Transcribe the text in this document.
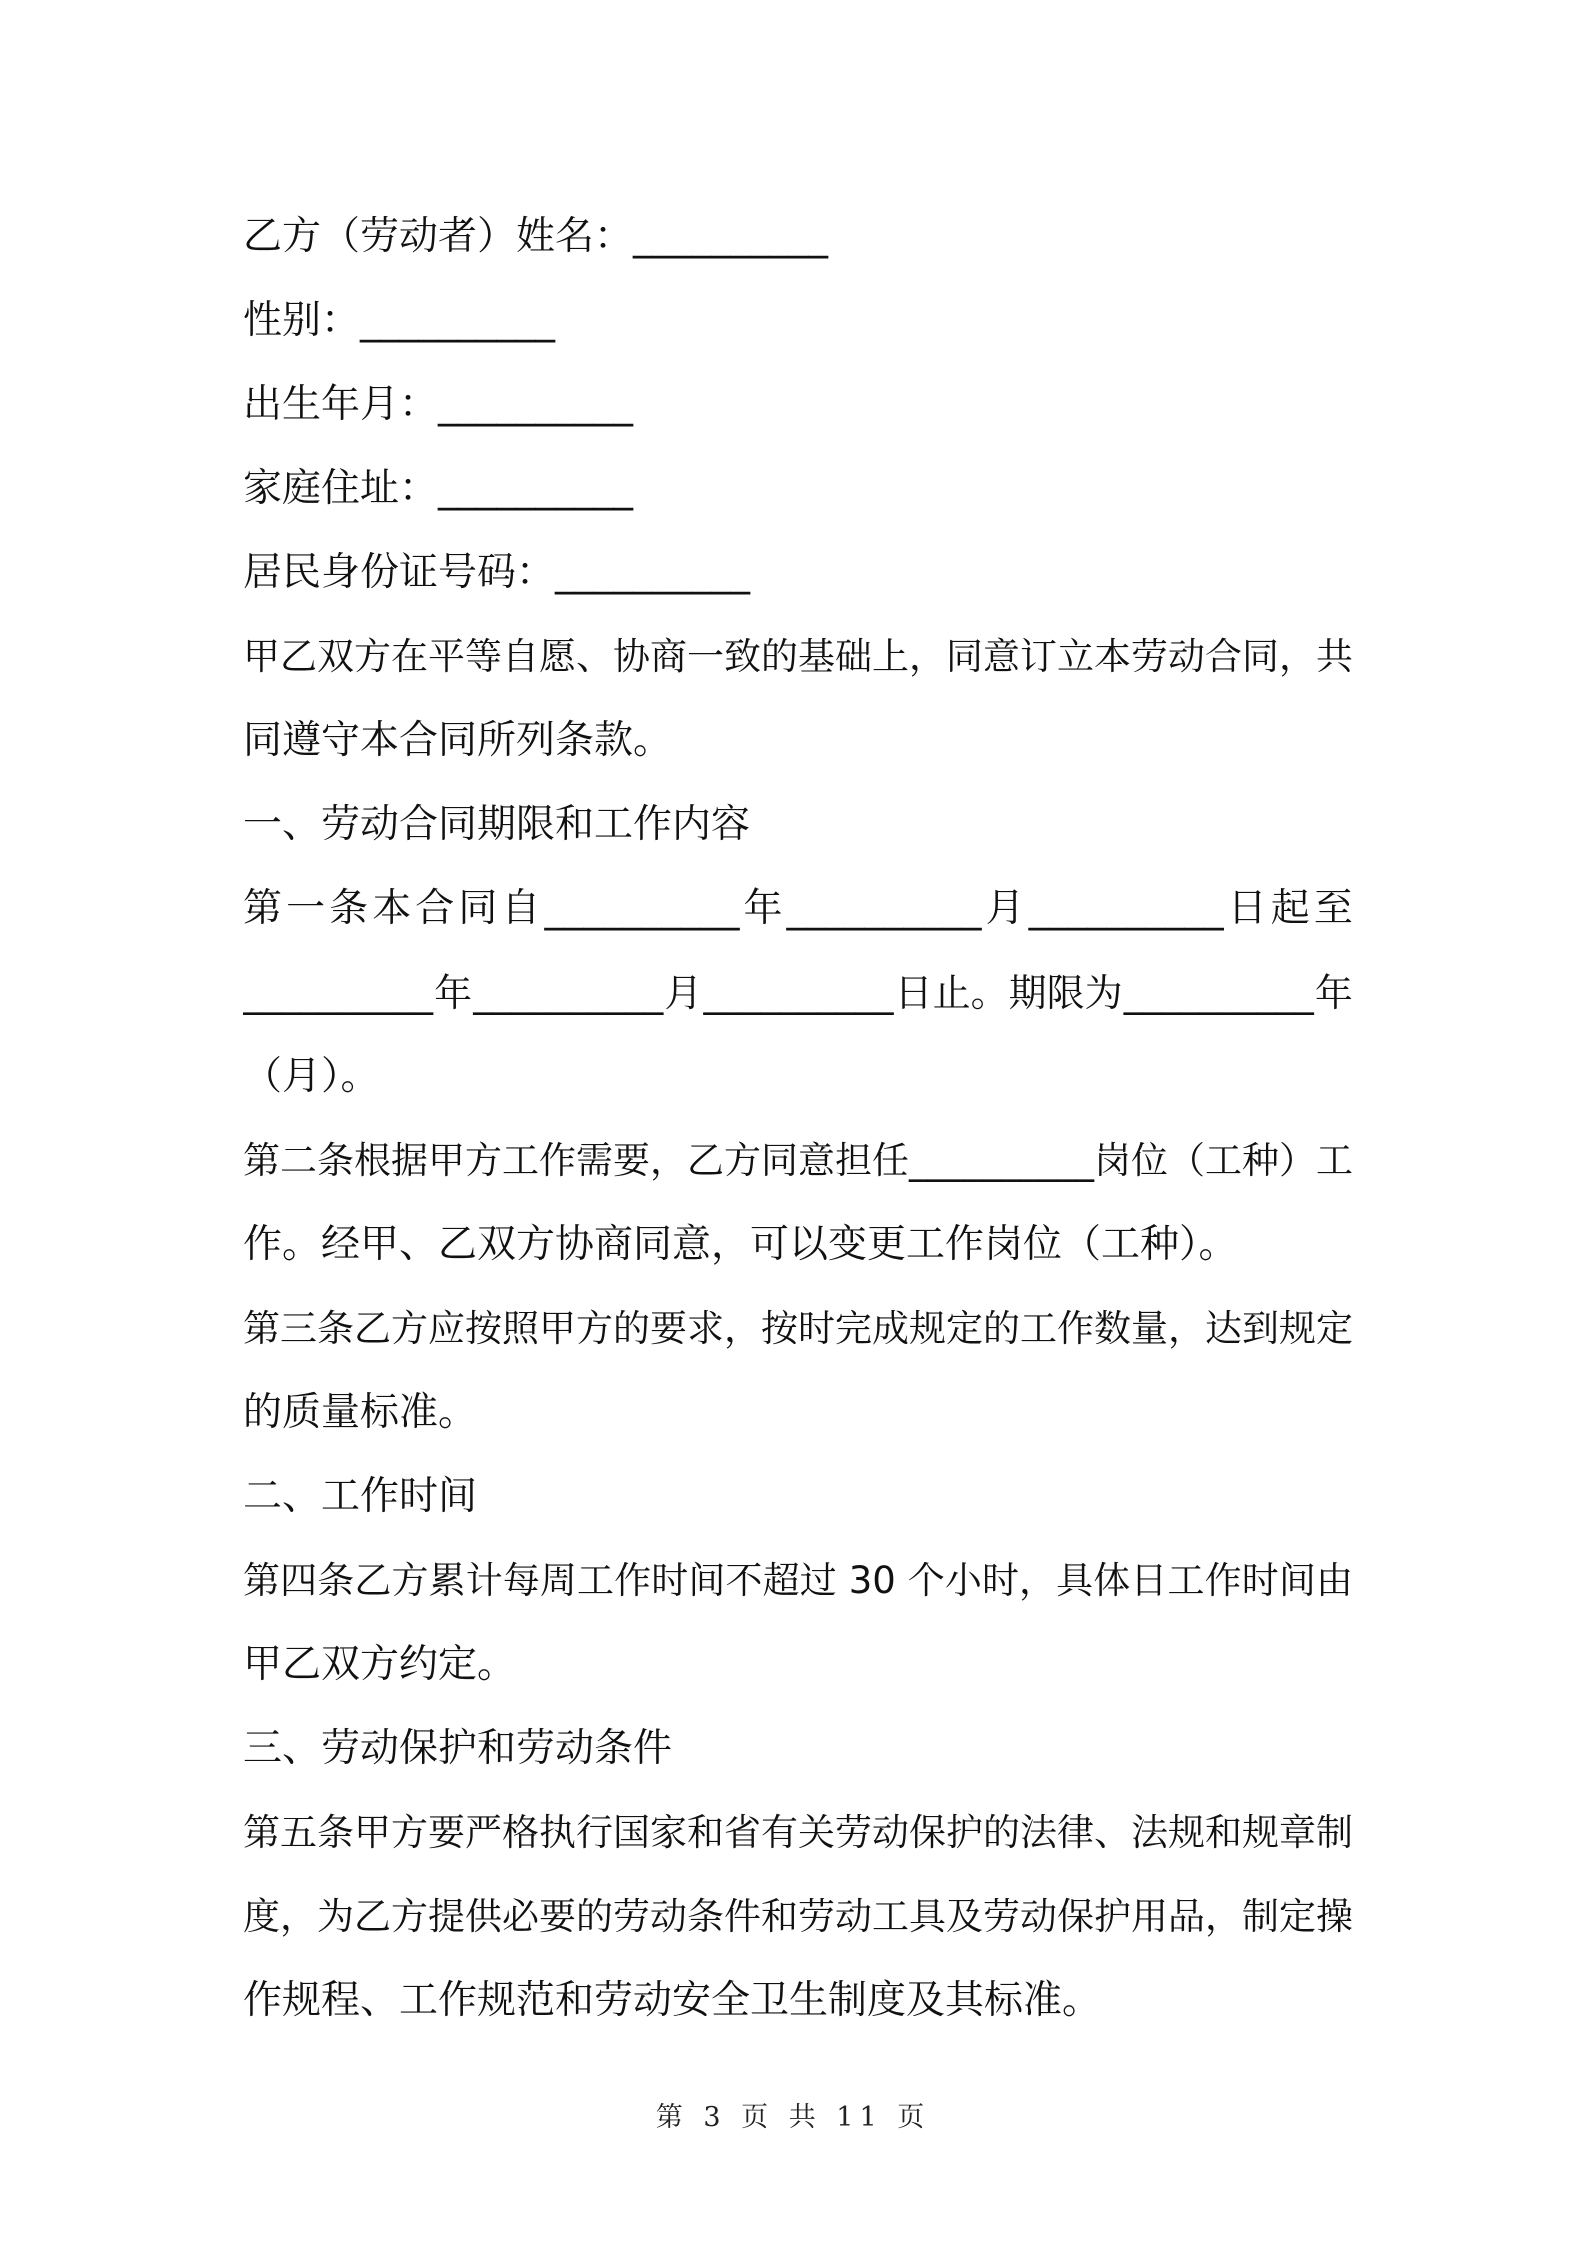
乙方（劳动者）姓名：__________
性别：__________
出生年月：__________
家庭住址：__________
居民身份证号码：__________
甲乙双方在平等自愿、协商一致的基础上，同意订立本劳动合同，共
同遵守本合同所列条款。
一、劳动合同期限和工作内容
第 一 条 本 合 同 自 __________ 年 __________ 月 __________ 日 起 至
__________ 年 __________ 月 __________ 日止。期限为 __________ 年
（月）。
第二条根据甲方工作需要，乙方同意担任__________岗位（工种）工
作。经甲、乙双方协商同意，可以变更工作岗位（工种）。
第三条乙方应按照甲方的要求，按时完成规定的工作数量，达到规定
的质量标准。
二、工作时间
第四条乙方累计每周工作时间不超过 30 个小时，具体日工作时间由
甲乙双方约定。
三、劳动保护和劳动条件
第五条甲方要严格执行国家和省有关劳动保护的法律、法规和规章制
度，为乙方提供必要的劳动条件和劳动工具及劳动保护用品，制定操
作规程、工作规范和劳动安全卫生制度及其标准。
第 3 页 共 11 页
